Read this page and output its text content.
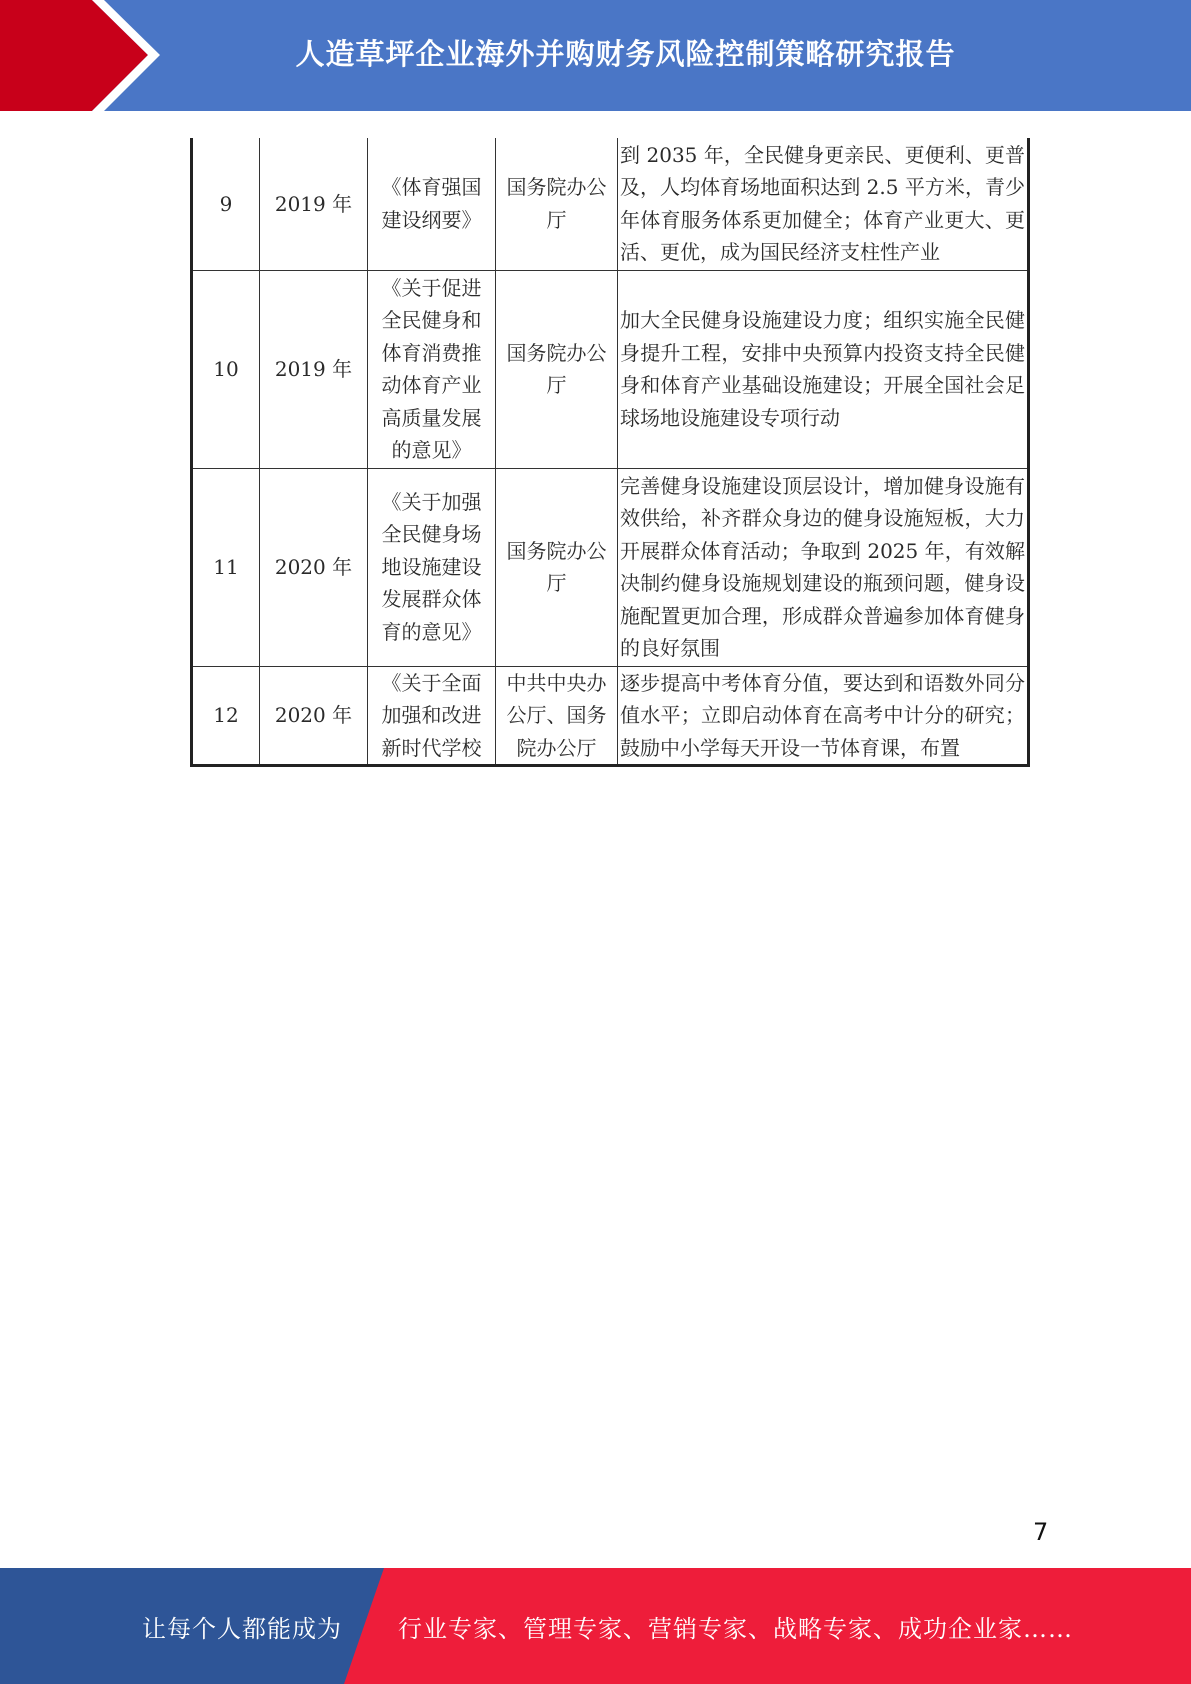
人造草坪企业海外并购财务风险控制策略研究报告
9	2019 年	《体育强国建设纲要》	国务院办公厅	到 2035 年，全民健身更亲民、更便利、更普及，人均体育场地面积达到 2.5 平方米，青少年体育服务体系更加健全；体育产业更大、更活、更优，成为国民经济支柱性产业
10	2019 年	《关于促进全民健身和体育消费推动体育产业高质量发展的意见》	国务院办公厅	加大全民健身设施建设力度；组织实施全民健身提升工程，安排中央预算内投资支持全民健身和体育产业基础设施建设；开展全国社会足球场地设施建设专项行动
11	2020 年	《关于加强全民健身场地设施建设发展群众体育的意见》	国务院办公厅	完善健身设施建设顶层设计，增加健身设施有效供给，补齐群众身边的健身设施短板，大力开展群众体育活动；争取到 2025 年，有效解决制约健身设施规划建设的瓶颈问题，健身设施配置更加合理，形成群众普遍参加体育健身的良好氛围
12	2020 年	《关于全面加强和改进新时代学校	中共中央办公厅、国务院办公厅	逐步提高中考体育分值，要达到和语数外同分值水平；立即启动体育在高考中计分的研究；鼓励中小学每天开设一节体育课，布置
7
让每个人都能成为 行业专家、管理专家、营销专家、战略专家、成功企业家……
